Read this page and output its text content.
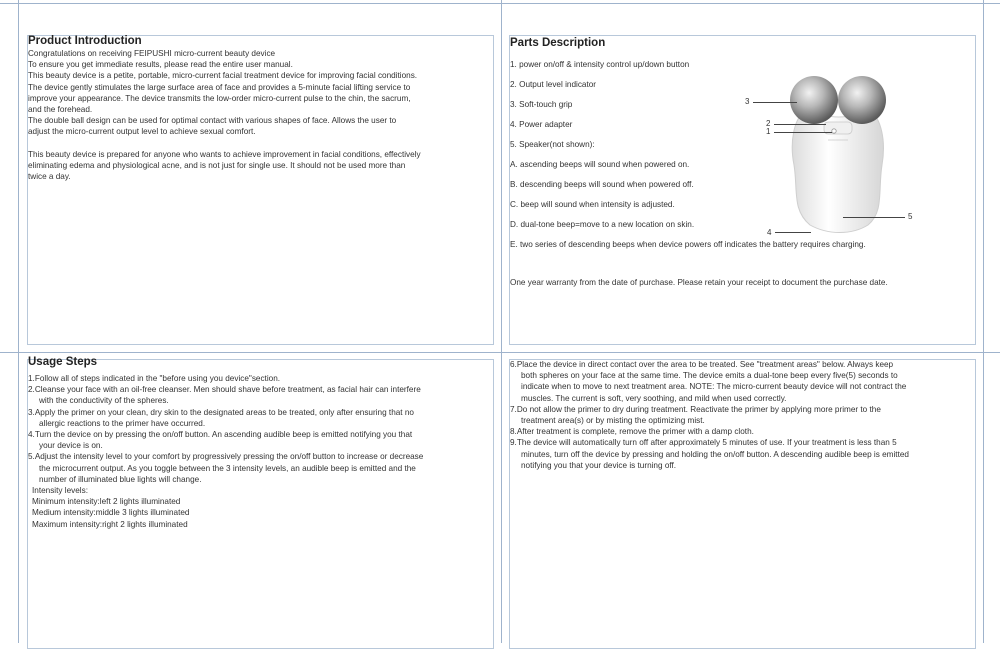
Product Introduction

Congratulations on receiving FEIPUSHI micro-current beauty device

To ensure you get immediate results, please read the entire user manual.

This beauty device is a petite, portable, micro-current facial treatment device for improving facial conditions.

The device gently stimulates the large surface area of face and provides a 5-minute facial lifting service to

improve your appearance. The device transmits the low-order micro-current pulse to the chin, the sacrum,

and the forehead.

The double ball design can be used for optimal contact with various shapes of face. Allows the user to

adjust the micro-current output level to achieve sexual comfort.

This beauty device is prepared for anyone who wants to achieve improvement in facial conditions, effectively

eliminating edema and physiological acne, and is not just for single use. It should not be used more than

twice a day.

Parts Description
1. power on/off & intensity control up/down button
2. Output level indicator
3. Soft-touch grip
4. Power adapter
5. Speaker(not shown):
A. ascending beeps will sound when powered on.
B. descending beeps will sound when powered off.
C. beep will sound when intensity is adjusted.
D. dual-tone beep=move to a new location on skin.
E. two series of descending beeps when device powers off indicates the battery requires charging.
One year warranty from the date of purchase. Please retain your receipt to document the purchase date.
3
2
1
5
4
Usage Steps

1.Follow all of steps indicated in the "before using you device"section.

2.Cleanse your face with an oil-free cleanser. Men should shave before treatment, as facial hair can interfere

with the conductivity of the spheres.

3.Apply the primer on your clean, dry skin to the designated areas to be treated, only after ensuring that no

allergic reactions to the primer have occurred.

4.Turn the device on by pressing the on/off button. An ascending audible beep is emitted notifying you that

your device is on.

5.Adjust the intensity level to your comfort by progressively pressing the on/off button to increase or decrease

the microcurrent output. As you toggle between the 3 intensity levels, an audible beep is emitted and the

number of illuminated blue lights will change.

Intensity levels:

Minimum intensity:left 2 lights illuminated

Medium intensity:middle 3 lights illuminated

Maximum intensity:right 2 lights illuminated

6.Place the device in direct contact over the area to be treated. See "treatment areas" below. Always keep

both spheres on your face at the same time. The device emits a dual-tone beep every five(5) seconds to

indicate when to move to next treatment area. NOTE: The micro-current beauty device will not contract the

muscles. The current is soft, very soothing, and mild when used correctly.

7.Do not allow the primer to dry during treatment. Reactivate the primer by applying more primer to the

treatment area(s) or by misting the optimizing mist.

8.After treatment is complete, remove the primer with a damp cloth.

9.The device will automatically turn off after approximately 5 minutes of use. If your treatment is less than 5

minutes, turn off the device by pressing and holding the on/off button. A descending audible beep is emitted

notifying you that your device is turning off.
